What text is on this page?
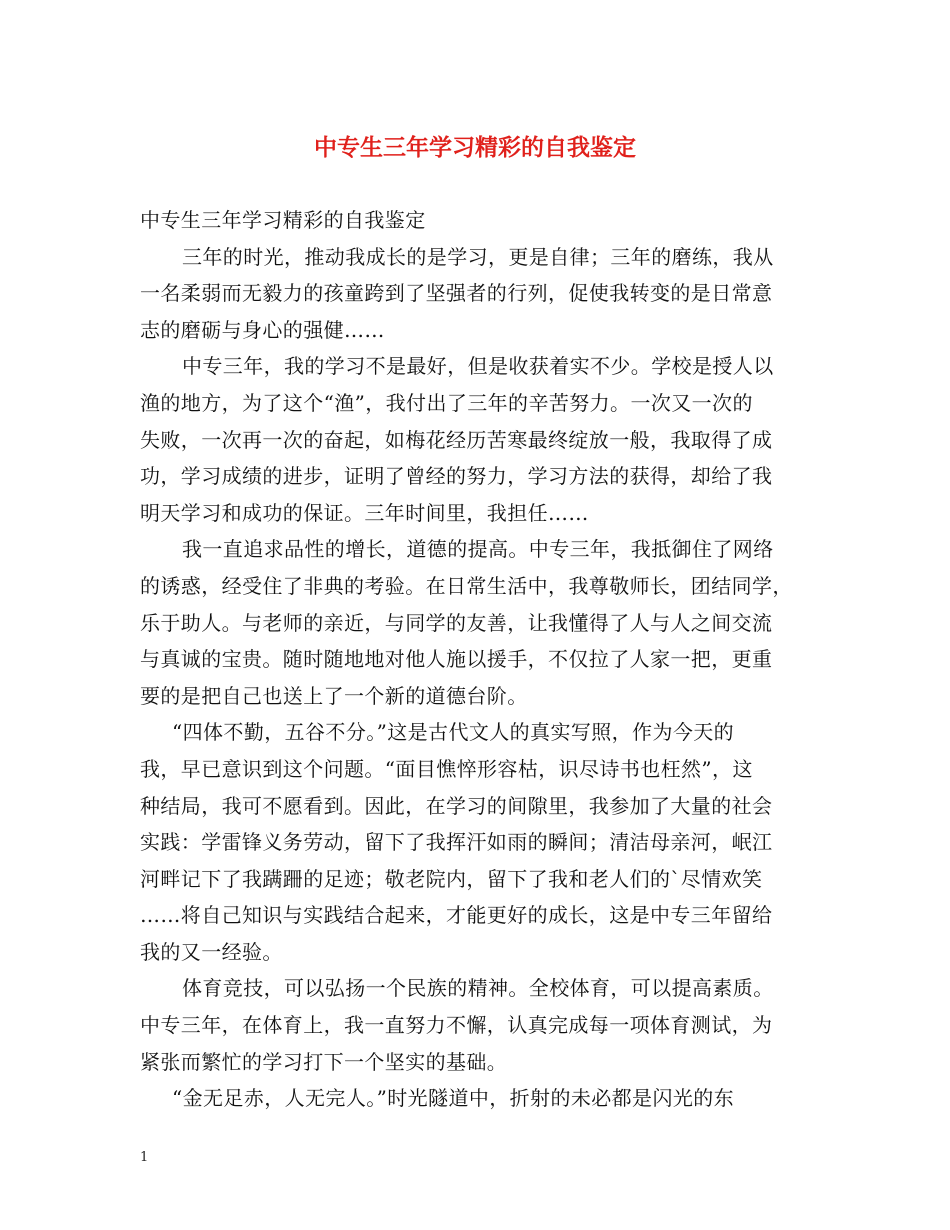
中专生三年学习精彩的自我鉴定
中专生三年学习精彩的自我鉴定
三年的时光，推动我成长的是学习，更是自律；三年的磨练，我从
一名柔弱而无毅力的孩童跨到了坚强者的行列，促使我转变的是日常意
志的磨砺与身心的强健……
中专三年，我的学习不是最好，但是收获着实不少。学校是授人以
渔的地方，为了这个“渔”，我付出了三年的辛苦努力。一次又一次的
失败，一次再一次的奋起，如梅花经历苦寒最终绽放一般，我取得了成
功，学习成绩的进步，证明了曾经的努力，学习方法的获得，却给了我
明天学习和成功的保证。三年时间里，我担任……
我一直追求品性的增长，道德的提高。中专三年，我抵御住了网络
的诱惑，经受住了非典的考验。在日常生活中，我尊敬师长，团结同学，
乐于助人。与老师的亲近，与同学的友善，让我懂得了人与人之间交流
与真诚的宝贵。随时随地地对他人施以援手，不仅拉了人家一把，更重
要的是把自己也送上了一个新的道德台阶。
“四体不勤，五谷不分。”这是古代文人的真实写照，作为今天的
我，早已意识到这个问题。“面目憔悴形容枯，识尽诗书也枉然”，这
种结局，我可不愿看到。因此，在学习的间隙里，我参加了大量的社会
实践：学雷锋义务劳动，留下了我挥汗如雨的瞬间；清洁母亲河，岷江
河畔记下了我蹒跚的足迹；敬老院内，留下了我和老人们的`尽情欢笑
……将自己知识与实践结合起来，才能更好的成长，这是中专三年留给
我的又一经验。
体育竞技，可以弘扬一个民族的精神。全校体育，可以提高素质。
中专三年，在体育上，我一直努力不懈，认真完成每一项体育测试，为
紧张而繁忙的学习打下一个坚实的基础。
“金无足赤，人无完人。”时光隧道中，折射的未必都是闪光的东
1
